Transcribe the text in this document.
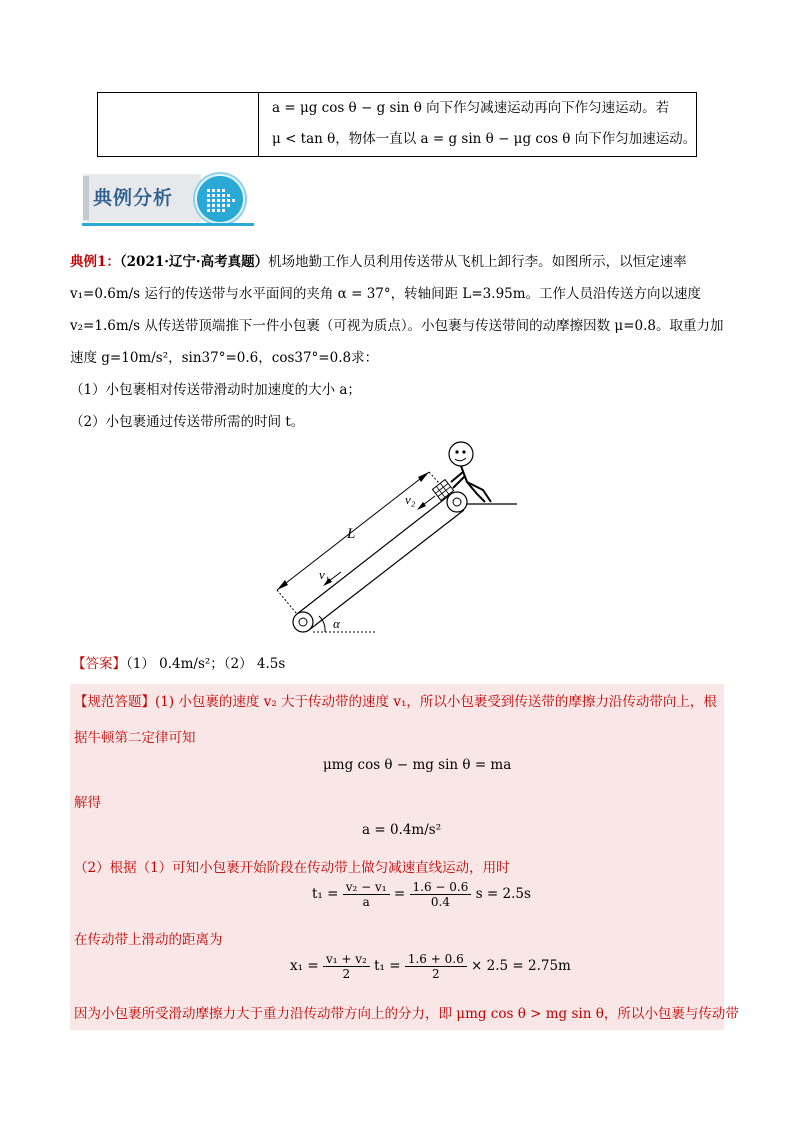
a = μg cos θ − g sin θ 向下作匀减速运动再向下作匀速运动。若
μ < tan θ，物体一直以 a = g sin θ − μg cos θ 向下作匀加速运动。
典例分析
典例1：（2021·辽宁·高考真题）机场地勤工作人员利用传送带从飞机上卸行李。如图所示，以恒定速率
v₁=0.6m/s 运行的传送带与水平面间的夹角 α = 37°，转轴间距 L=3.95m。工作人员沿传送方向以速度
v₂=1.6m/s 从传送带顶端推下一件小包裹（可视为质点）。小包裹与传送带间的动摩擦因数 μ=0.8。取重力加
速度 g=10m/s²，sin37°=0.6，cos37°=0.8求：
（1）小包裹相对传送带滑动时加速度的大小 a；
（2）小包裹通过传送带所需的时间 t。
L
v₁
v₂
α
【答案】（1） 0.4m/s²；（2） 4.5s
【规范答题】(1) 小包裹的速度 v₂ 大于传动带的速度 v₁，所以小包裹受到传送带的摩擦力沿传动带向上，根
据牛顿第二定律可知
μmg cos θ − mg sin θ = ma
解得
a = 0.4m/s²
（2）根据（1）可知小包裹开始阶段在传动带上做匀减速直线运动，用时
$t_1 = \frac{\text{v₂ − v₁}}{a} = \frac{1.6 - 0.6}{0.4}$ s = 2.5s
在传动带上滑动的距离为
$x_1 = \frac{\text{v₁ + v₂}}{2} t_1 = \frac{1.6 + 0.6}{2} \times 2.5 = 2.75m$
因为小包裹所受滑动摩擦力大于重力沿传动带方向上的分力，即 μmg cos θ > mg sin θ，所以小包裹与传动带
